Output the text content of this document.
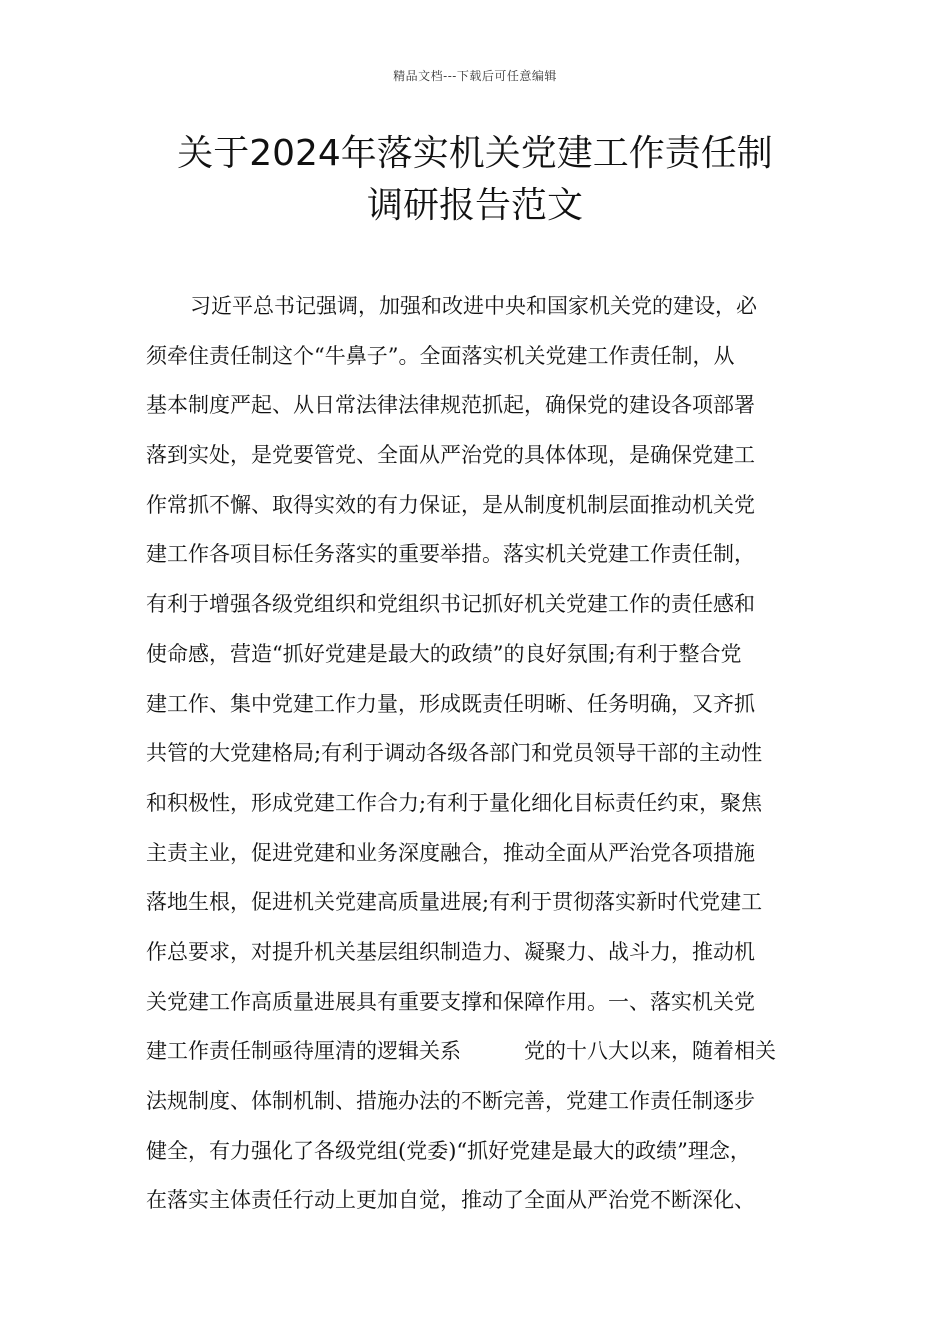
精品文档---下载后可任意编辑
关于2024年落实机关党建工作责任制
调研报告范文
习近平总书记强调，加强和改进中央和国家机关党的建设，必
须牵住责任制这个“牛鼻子”。全面落实机关党建工作责任制，从
基本制度严起、从日常法律法律规范抓起，确保党的建设各项部署
落到实处，是党要管党、全面从严治党的具体体现，是确保党建工
作常抓不懈、取得实效的有力保证，是从制度机制层面推动机关党
建工作各项目标任务落实的重要举措。落实机关党建工作责任制，
有利于增强各级党组织和党组织书记抓好机关党建工作的责任感和
使命感，营造“抓好党建是最大的政绩”的良好氛围;有利于整合党
建工作、集中党建工作力量，形成既责任明晰、任务明确，又齐抓
共管的大党建格局;有利于调动各级各部门和党员领导干部的主动性
和积极性，形成党建工作合力;有利于量化细化目标责任约束，聚焦
主责主业，促进党建和业务深度融合，推动全面从严治党各项措施
落地生根，促进机关党建高质量进展;有利于贯彻落实新时代党建工
作总要求，对提升机关基层组织制造力、凝聚力、战斗力，推动机
关党建工作高质量进展具有重要支撑和保障作用。一、落实机关党
建工作责任制亟待厘清的逻辑关系　　　党的十八大以来，随着相关
法规制度、体制机制、措施办法的不断完善，党建工作责任制逐步
健全，有力强化了各级党组(党委)“抓好党建是最大的政绩”理念，
在落实主体责任行动上更加自觉，推动了全面从严治党不断深化、
